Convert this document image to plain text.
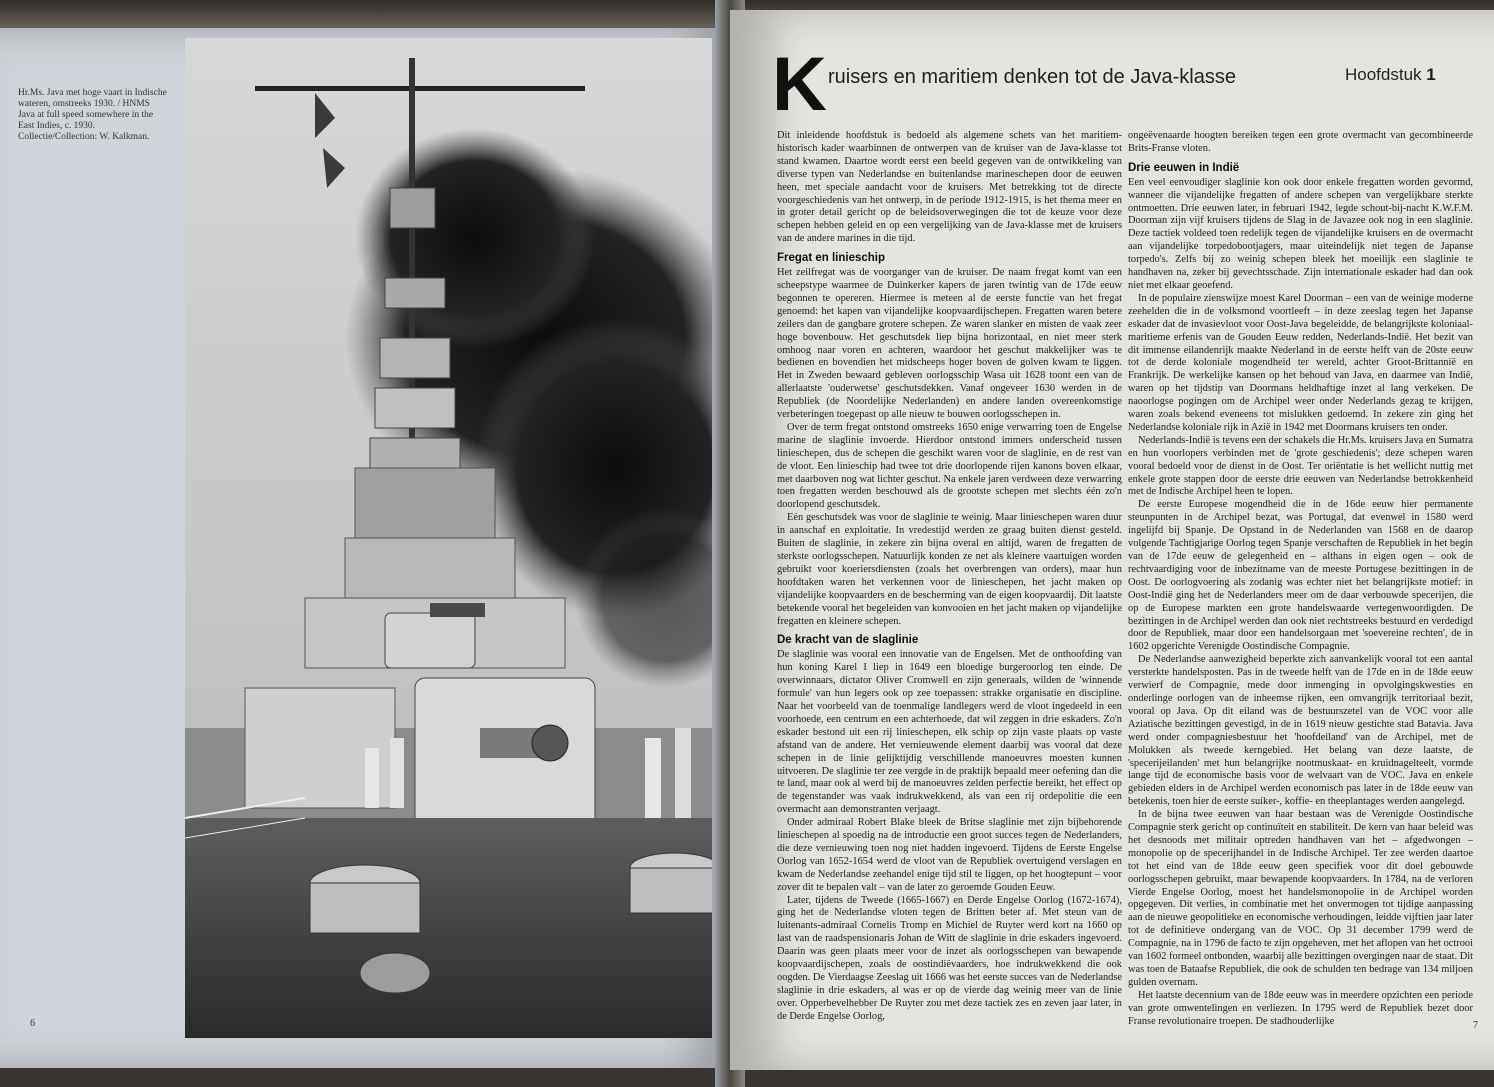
Hr.Ms. Java met hoge vaart in Indische wateren, omstreeks 1930. / HNMS Java at full speed somewhere in the East Indies, c. 1930. Collectie/Collection: W. Kalkman.
6
K ruisers en maritiem denken tot de Java-klasse	Hoofdstuk 1

Dit inleidende hoofdstuk is bedoeld als algemene schets van het maritiem-historisch kader waarbinnen de ontwerpen van de kruiser van de Java-klasse tot stand kwamen. Daartoe wordt eerst een beeld gegeven van de ontwikkeling van diverse typen van Nederlandse en buitenlandse marineschepen door de eeuwen heen, met speciale aandacht voor de kruisers. Met betrekking tot de directe voorgeschiedenis van het ontwerp, in de periode 1912-1915, is het thema meer en in groter detail gericht op de beleidsoverwegingen die tot de keuze voor deze schepen hebben geleid en op een vergelijking van de Java-klasse met de kruisers van de andere marines in die tijd.

Fregat en linieschip

Het zeilfregat was de voorganger van de kruiser. De naam fregat komt van een scheepstype waarmee de Duinkerker kapers de jaren twintig van de 17de eeuw begonnen te opereren. Hiermee is meteen al de eerste functie van het fregat genoemd: het kapen van vijandelijke koopvaardijschepen. Fregatten waren betere zeilers dan de gangbare grotere schepen. Ze waren slanker en misten de vaak zeer hoge bovenbouw. Het geschutsdek liep bijna horizontaal, en niet meer sterk omhoog naar voren en achteren, waardoor het geschut makkelijker was te bedienen en bovendien het midscheeps hoger boven de golven kwam te liggen. Het in Zweden bewaard gebleven oorlogsschip Wasa uit 1628 toont een van de allerlaatste 'ouderwetse' geschutsdekken. Vanaf ongeveer 1630 werden in de Republiek (de Noordelijke Nederlanden) en andere landen overeenkomstige verbeteringen toegepast op alle nieuw te bouwen oorlogsschepen in.

Over de term fregat ontstond omstreeks 1650 enige verwarring toen de Engelse marine de slaglinie invoerde. Hierdoor ontstond immers onderscheid tussen linieschepen, dus de schepen die geschikt waren voor de slaglinie, en de rest van de vloot. Een linieschip had twee tot drie doorlopende rijen kanons boven elkaar, met daarboven nog wat lichter geschut. Na enkele jaren verdween deze verwarring toen fregatten werden beschouwd als de grootste schepen met slechts één zo'n doorlopend geschutsdek.

Eén geschutsdek was voor de slaglinie te weinig. Maar linieschepen waren duur in aanschaf en exploitatie. In vredestijd werden ze graag buiten dienst gesteld. Buiten de slaglinie, in zekere zin bijna overal en altijd, waren de fregatten de sterkste oorlogsschepen. Natuurlijk konden ze net als kleinere vaartuigen worden gebruikt voor koeriersdiensten (zoals het overbrengen van orders), maar hun hoofdtaken waren het verkennen voor de linieschepen, het jacht maken op vijandelijke koopvaarders en de bescherming van de eigen koopvaardij. Dit laatste betekende vooral het begeleiden van konvooien en het jacht maken op vijandelijke fregatten en kleinere schepen.

De kracht van de slaglinie

De slaglinie was vooral een innovatie van de Engelsen. Met de onthoofding van hun koning Karel I liep in 1649 een bloedige burgeroorlog ten einde. De overwinnaars, dictator Oliver Cromwell en zijn generaals, wilden de 'winnende formule' van hun legers ook op zee toepassen: strakke organisatie en discipline. Naar het voorbeeld van de toenmalige landlegers werd de vloot ingedeeld in een voorhoede, een centrum en een achterhoede, dat wil zeggen in drie eskaders. Zo'n eskader bestond uit een rij linieschepen, elk schip op zijn vaste plaats op vaste afstand van de andere. Het vernieuwende element daarbij was vooral dat deze schepen in de linie gelijktijdig verschillende manoeuvres moesten kunnen uitvoeren. De slaglinie ter zee vergde in de praktijk bepaald meer oefening dan die te land, maar ook al werd bij de manoeuvres zelden perfectie bereikt, het effect op de tegenstander was vaak indrukwekkend, als van een rij ordepolitie die een overmacht aan demonstranten verjaagt.

Onder admiraal Robert Blake bleek de Britse slaglinie met zijn bijbehorende linieschepen al spoedig na de introductie een groot succes tegen de Nederlanders, die deze vernieuwing toen nog niet hadden ingevoerd. Tijdens de Eerste Engelse Oorlog van 1652-1654 werd de vloot van de Republiek overtuigend verslagen en kwam de Nederlandse zeehandel enige tijd stil te liggen, op het hoogtepunt – voor zover dit te bepalen valt – van de later zo geroemde Gouden Eeuw.

Later, tijdens de Tweede (1665-1667) en Derde Engelse Oorlog (1672-1674), ging het de Nederlandse vloten tegen de Britten beter af. Met steun van de luitenants-admiraal Cornelis Tromp en Michiel de Ruyter werd kort na 1660 op last van de raadspensionaris Johan de Witt de slaglinie in drie eskaders ingevoerd. Daarin was geen plaats meer voor de inzet als oorlogsschepen van bewapende koopvaardijschepen, zoals de oostindiëvaarders, hoe indrukwekkend die ook oogden. De Vierdaagse Zeeslag uit 1666 was het eerste succes van de Nederlandse slaglinie in drie eskaders, al was er op de vierde dag weinig meer van de linie over. Opperbevelhebber De Ruyter zou met deze tactiek zes en zeven jaar later, in de Derde Engelse Oorlog,

ongeëvenaarde hoogten bereiken tegen een grote overmacht van gecombineerde Brits-Franse vloten.

Drie eeuwen in Indië

Een veel eenvoudiger slaglinie kon ook door enkele fregatten worden gevormd, wanneer die vijandelijke fregatten of andere schepen van vergelijkbare sterkte ontmoetten. Drie eeuwen later, in februari 1942, legde schout-bij-nacht K.W.F.M. Doorman zijn vijf kruisers tijdens de Slag in de Javazee ook nog in een slaglinie. Deze tactiek voldeed toen redelijk tegen de vijandelijke kruisers en de overmacht aan vijandelijke torpedobootjagers, maar uiteindelijk niet tegen de Japanse torpedo's. Zelfs bij zo weinig schepen bleek het moeilijk een slaglinie te handhaven na, zeker bij gevechtsschade. Zijn internationale eskader had dan ook niet met elkaar geoefend.

In de populaire zienswijze moest Karel Doorman – een van de weinige moderne zeehelden die in de volksmond voortleeft – in deze zeeslag tegen het Japanse eskader dat de invasievloot voor Oost-Java begeleidde, de belangrijkste koloniaal-maritieme erfenis van de Gouden Eeuw redden, Nederlands-Indië. Het bezit van dit immense eilandenrijk maakte Nederland in de eerste helft van de 20ste eeuw tot de derde koloniale mogendheid ter wereld, achter Groot-Brittannië en Frankrijk. De werkelijke kansen op het behoud van Java, en daarmee van Indië, waren op het tijdstip van Doormans heldhaftige inzet al lang verkeken. De naoorlogse pogingen om de Archipel weer onder Nederlands gezag te krijgen, waren zoals bekend eveneens tot mislukken gedoemd. In zekere zin ging het Nederlandse koloniale rijk in Azië in 1942 met Doormans kruisers ten onder.

Nederlands-Indië is tevens een der schakels die Hr.Ms. kruisers Java en Sumatra en hun voorlopers verbinden met de 'grote geschiedenis'; deze schepen waren vooral bedoeld voor de dienst in de Oost. Ter oriëntatie is het wellicht nuttig met enkele grote stappen door de eerste drie eeuwen van Nederlandse betrokkenheid met de Indische Archipel heen te lopen.

De eerste Europese mogendheid die in de 16de eeuw hier permanente steunpunten in de Archipel bezat, was Portugal, dat evenwel in 1580 werd ingelijfd bij Spanje. De Opstand in de Nederlanden van 1568 en de daarop volgende Tachtigjarige Oorlog tegen Spanje verschaften de Republiek in het begin van de 17de eeuw de gelegenheid en – althans in eigen ogen – ook de rechtvaardiging voor de inbezitname van de meeste Portugese bezittingen in de Oost. De oorlogvoering als zodanig was echter niet het belangrijkste motief: in Oost-Indië ging het de Nederlanders meer om de daar verbouwde specerijen, die op de Europese markten een grote handelswaarde vertegenwoordigden. De bezittingen in de Archipel werden dan ook niet rechtstreeks bestuurd en verdedigd door de Republiek, maar door een handelsorgaan met 'soevereine rechten', de in 1602 opgerichte Verenigde Oostindische Compagnie.

De Nederlandse aanwezigheid beperkte zich aanvankelijk vooral tot een aantal versterkte handelsposten. Pas in de tweede helft van de 17de en in de 18de eeuw verwierf de Compagnie, mede door inmenging in opvolgingskwesties en onderlinge oorlogen van de inheemse rijken, een omvangrijk territoriaal bezit, vooral op Java. Op dit eiland was de bestuurszetel van de VOC voor alle Aziatische bezittingen gevestigd, in de in 1619 nieuw gestichte stad Batavia. Java werd onder compagniesbestuur het 'hoofdeiland' van de Archipel, met de Molukken als tweede kerngebied. Het belang van deze laatste, de 'specerijeilanden' met hun belangrijke nootmuskaat- en kruidnagelteelt, vormde lange tijd de economische basis voor de welvaart van de VOC. Java en enkele gebieden elders in de Archipel werden economisch pas later in de 18de eeuw van betekenis, toen hier de eerste suiker-, koffie- en theeplantages werden aangelegd.

In de bijna twee eeuwen van haar bestaan was de Verenigde Oostindische Compagnie sterk gericht op continuïteit en stabiliteit. De kern van haar beleid was het desnoods met militair optreden handhaven van het – afgedwongen – monopolie op de specerijhandel in de Indische Archipel. Ter zee werden daartoe tot het eind van de 18de eeuw geen specifiek voor dit doel gebouwde oorlogsschepen gebruikt, maar bewapende koopvaarders. In 1784, na de verloren Vierde Engelse Oorlog, moest het handelsmonopolie in de Archipel worden opgegeven. Dit verlies, in combinatie met het onvermogen tot tijdige aanpassing aan de nieuwe geopolitieke en economische verhoudingen, leidde vijftien jaar later tot de definitieve ondergang van de VOC. Op 31 december 1799 werd de Compagnie, na in 1796 de facto te zijn opgeheven, met het aflopen van het octrooi van 1602 formeel ontbonden, waarbij alle bezittingen overgingen naar de staat. Dit was toen de Bataafse Republiek, die ook de schulden ten bedrage van 134 miljoen gulden overnam.

Het laatste decennium van de 18de eeuw was in meerdere opzichten een periode van grote omwentelingen en verliezen. In 1795 werd de Republiek bezet door Franse revolutionaire troepen. De stadhouderlijke	7
